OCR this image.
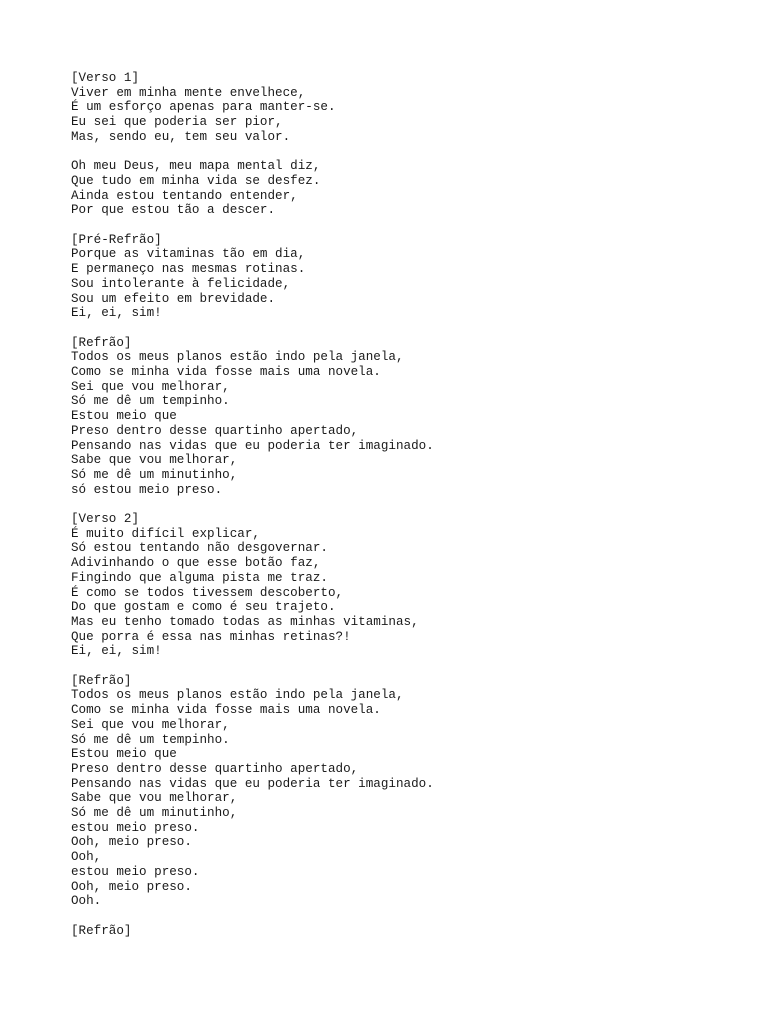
[Verso 1]
Viver em minha mente envelhece,
É um esforço apenas para manter-se.
Eu sei que poderia ser pior,
Mas, sendo eu, tem seu valor.
Oh meu Deus, meu mapa mental diz,
Que tudo em minha vida se desfez.
Ainda estou tentando entender,
Por que estou tão a descer.
[Pré-Refrão]
Porque as vitaminas tão em dia,
E permaneço nas mesmas rotinas.
Sou intolerante à felicidade,
Sou um efeito em brevidade.
Ei, ei, sim!
[Refrão]
Todos os meus planos estão indo pela janela,
Como se minha vida fosse mais uma novela.
Sei que vou melhorar,
Só me dê um tempinho.
Estou meio que
Preso dentro desse quartinho apertado,
Pensando nas vidas que eu poderia ter imaginado.
Sabe que vou melhorar,
Só me dê um minutinho,
só estou meio preso.
[Verso 2]
É muito difícil explicar,
Só estou tentando não desgovernar.
Adivinhando o que esse botão faz,
Fingindo que alguma pista me traz.
É como se todos tivessem descoberto,
Do que gostam e como é seu trajeto.
Mas eu tenho tomado todas as minhas vitaminas,
Que porra é essa nas minhas retinas?!
Ei, ei, sim!
[Refrão]
Todos os meus planos estão indo pela janela,
Como se minha vida fosse mais uma novela.
Sei que vou melhorar,
Só me dê um tempinho.
Estou meio que
Preso dentro desse quartinho apertado,
Pensando nas vidas que eu poderia ter imaginado.
Sabe que vou melhorar,
Só me dê um minutinho,
estou meio preso.
Ooh, meio preso.
Ooh,
estou meio preso.
Ooh, meio preso.
Ooh.
[Refrão]
